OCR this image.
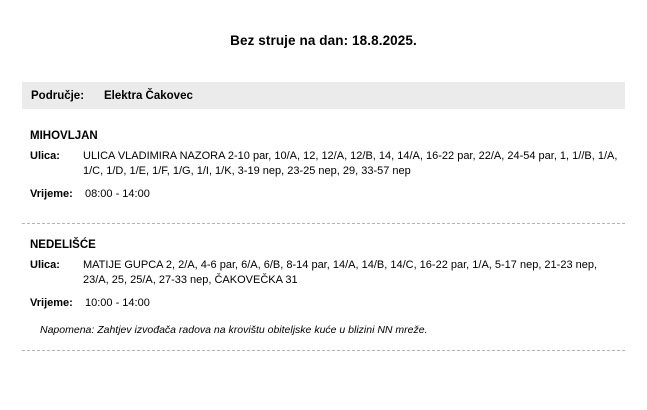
Bez struje na dan: 18.8.2025.
Područje:	Elektra Čakovec
MIHOVLJAN
Ulica:	ULICA VLADIMIRA NAZORA 2-10 par, 10/A, 12, 12/A, 12/B, 14, 14/A, 16-22 par, 22/A, 24-54 par, 1, 1//B, 1/A, 1/C, 1/D, 1/E, 1/F, 1/G, 1/I, 1/K, 3-19 nep, 23-25 nep, 29, 33-57 nep
Vrijeme:	08:00 - 14:00
NEDELIŠĆE
Ulica:	MATIJE GUPCA 2, 2/A, 4-6 par, 6/A, 6/B, 8-14 par, 14/A, 14/B, 14/C, 16-22 par, 1/A, 5-17 nep, 21-23 nep, 23/A, 25, 25/A, 27-33 nep, ČAKOVEČKA 31
Vrijeme:	10:00 - 14:00
Napomena: Zahtjev izvođača radova na krovištu obiteljske kuće u blizini NN mreže.
